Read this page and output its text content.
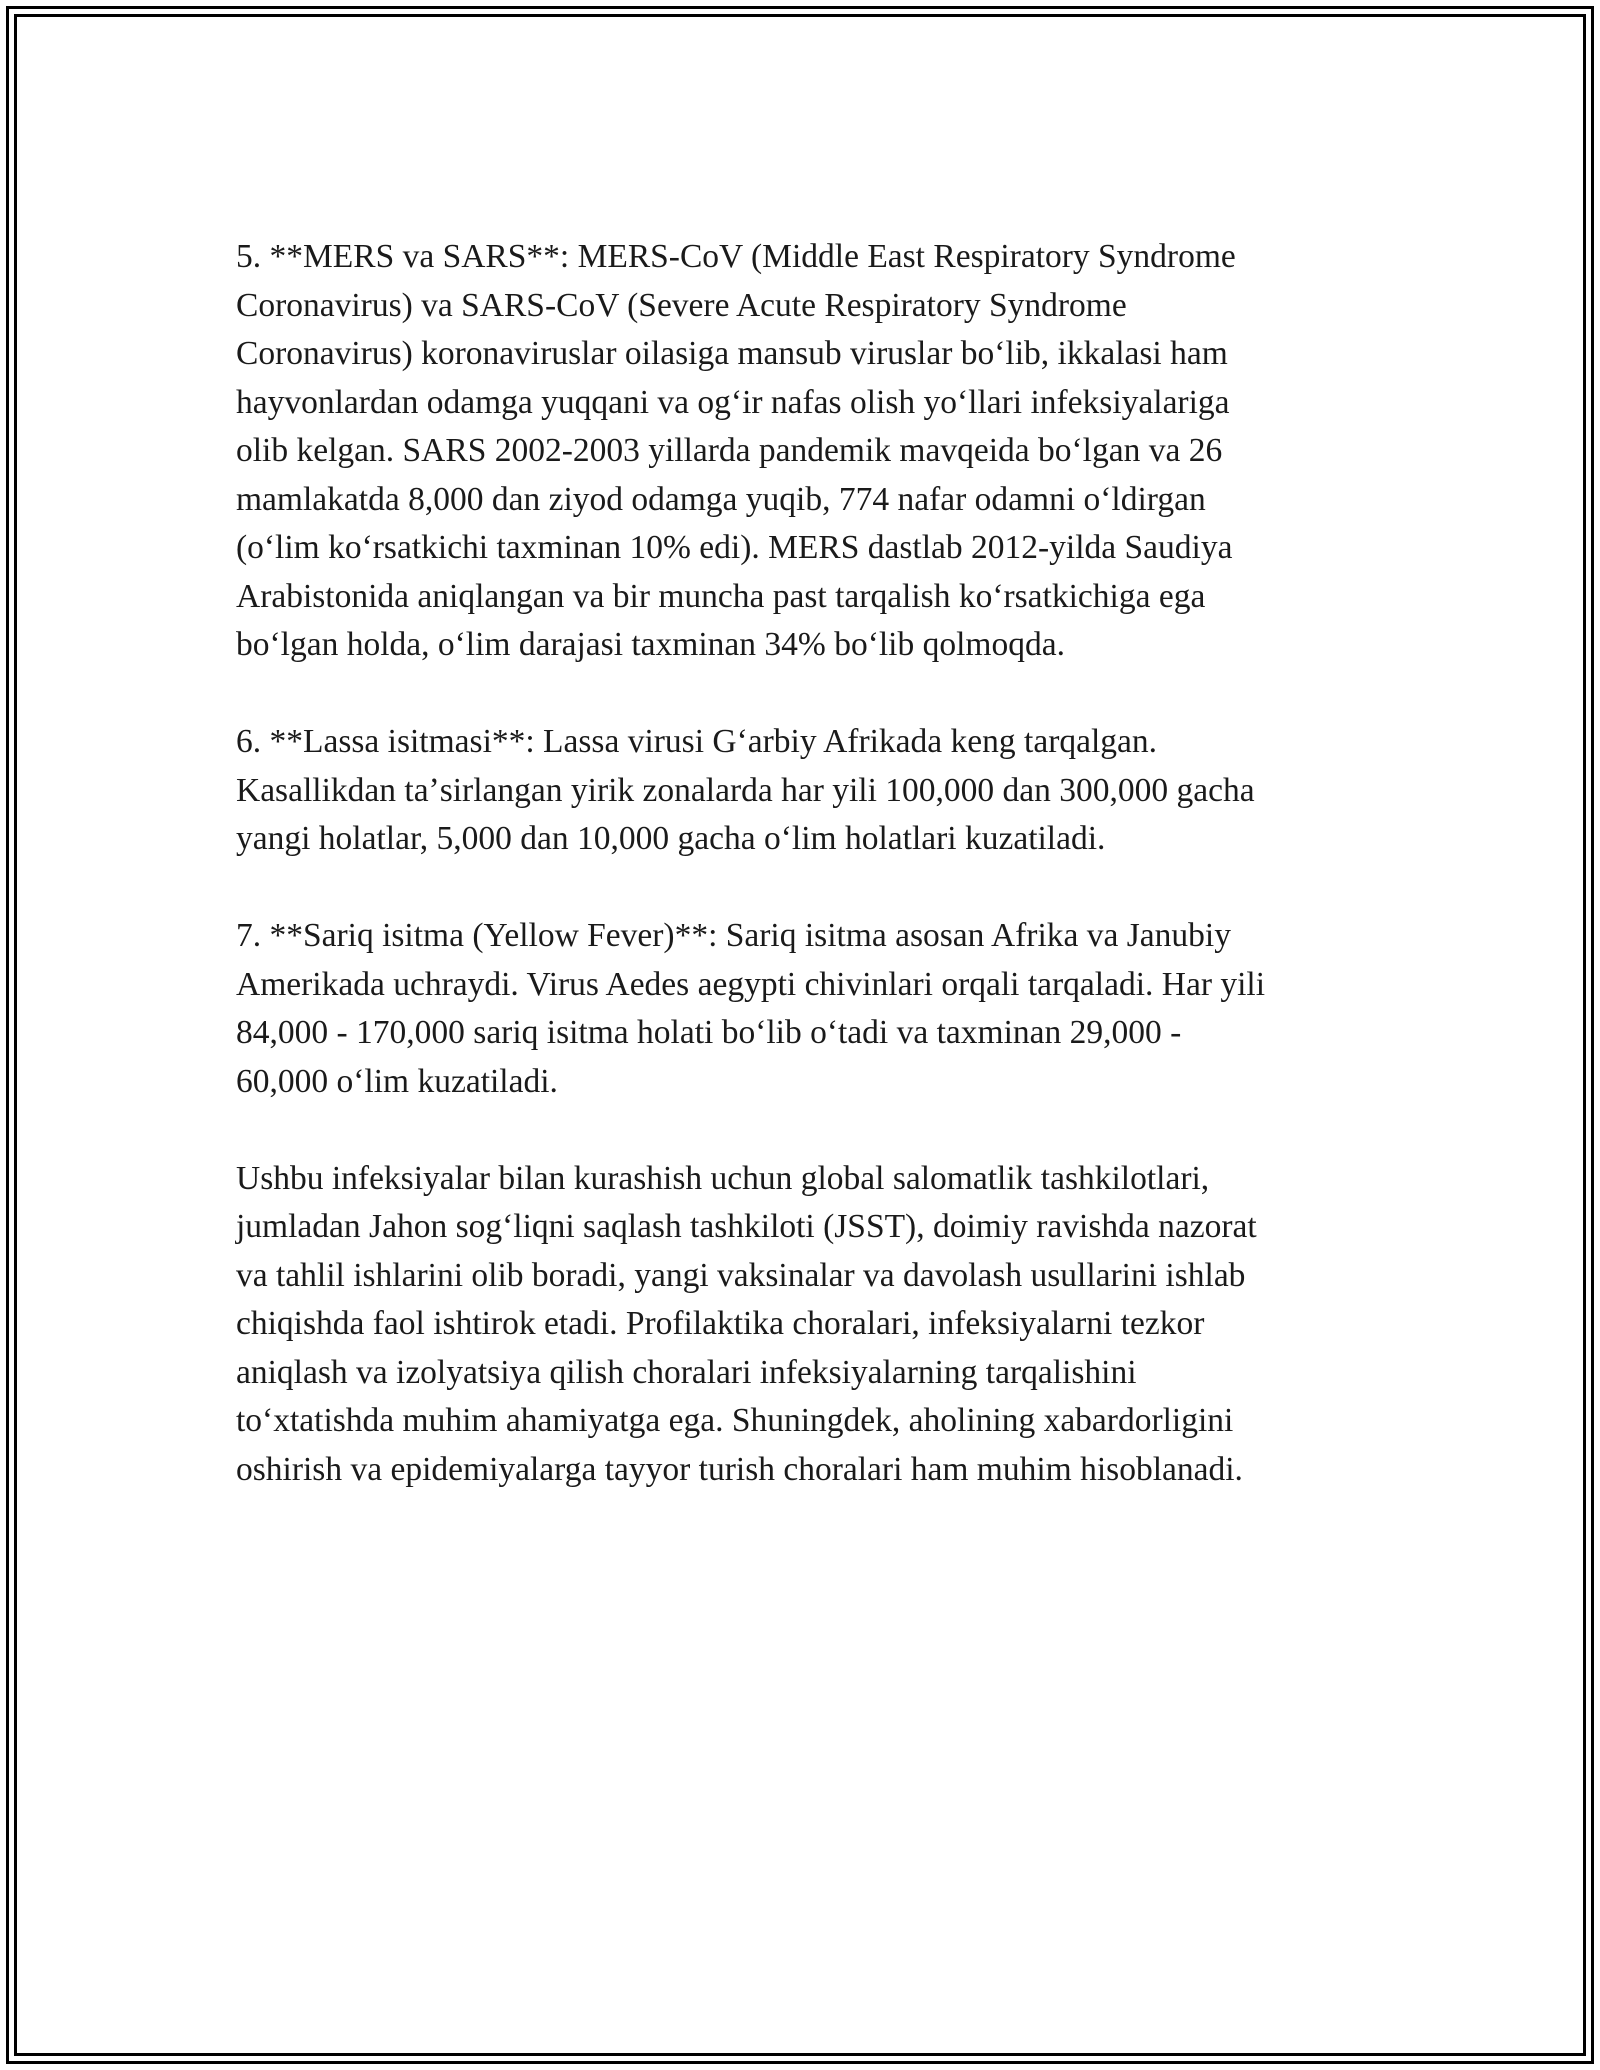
5. **MERS va SARS**: MERS-CoV (Middle East Respiratory Syndrome
Coronavirus) va SARS-CoV (Severe Acute Respiratory Syndrome
Coronavirus) koronaviruslar oilasiga mansub viruslar boʻlib, ikkalasi ham
hayvonlardan odamga yuqqani va ogʻir nafas olish yoʻllari infeksiyalariga
olib kelgan. SARS 2002-2003 yillarda pandemik mavqeida boʻlgan va 26
mamlakatda 8,000 dan ziyod odamga yuqib, 774 nafar odamni oʻldirgan
(oʻlim koʻrsatkichi taxminan 10% edi). MERS dastlab 2012-yilda Saudiya
Arabistonida aniqlangan va bir muncha past tarqalish koʻrsatkichiga ega
boʻlgan holda, oʻlim darajasi taxminan 34% boʻlib qolmoqda.

6. **Lassa isitmasi**: Lassa virusi Gʻarbiy Afrikada keng tarqalgan.
Kasallikdan taʼsirlangan yirik zonalarda har yili 100,000 dan 300,000 gacha
yangi holatlar, 5,000 dan 10,000 gacha oʻlim holatlari kuzatiladi.

7. **Sariq isitma (Yellow Fever)**: Sariq isitma asosan Afrika va Janubiy
Amerikada uchraydi. Virus Aedes aegypti chivinlari orqali tarqaladi. Har yili
84,000 - 170,000 sariq isitma holati boʻlib oʻtadi va taxminan 29,000 -
60,000 oʻlim kuzatiladi.

Ushbu infeksiyalar bilan kurashish uchun global salomatlik tashkilotlari,
jumladan Jahon sogʻliqni saqlash tashkiloti (JSST), doimiy ravishda nazorat
va tahlil ishlarini olib boradi, yangi vaksinalar va davolash usullarini ishlab
chiqishda faol ishtirok etadi. Profilaktika choralari, infeksiyalarni tezkor
aniqlash va izolyatsiya qilish choralari infeksiyalarning tarqalishini
toʻxtatishda muhim ahamiyatga ega. Shuningdek, aholining xabardorligini
oshirish va epidemiyalarga tayyor turish choralari ham muhim hisoblanadi.
